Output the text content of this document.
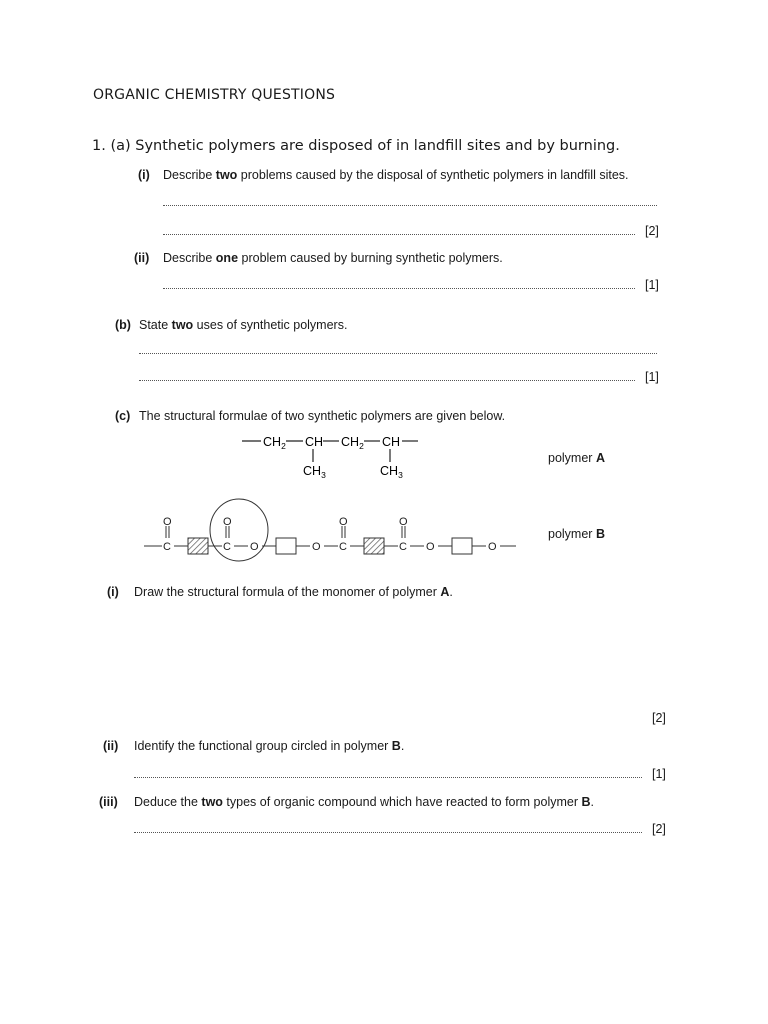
ORGANIC CHEMISTRY QUESTIONS
1. (a) Synthetic polymers are disposed of in landfill sites and by burning.
(i) Describe two problems caused by the disposal of synthetic polymers in landfill sites.
[2]
(ii) Describe one problem caused by burning synthetic polymers.
[1]
(b) State two uses of synthetic polymers.
[1]
(c) The structural formulae of two synthetic polymers are given below.
$CH_2$ CH $CH_2$ CH
$CH_3$	$CH_3$
polymer A
O
C
O
C O	O
O
C
O
C O	O
polymer B
(i) Draw the structural formula of the monomer of polymer A.
[2]
(ii) Identify the functional group circled in polymer B.
[1]
(iii) Deduce the two types of organic compound which have reacted to form polymer B.
[2]
